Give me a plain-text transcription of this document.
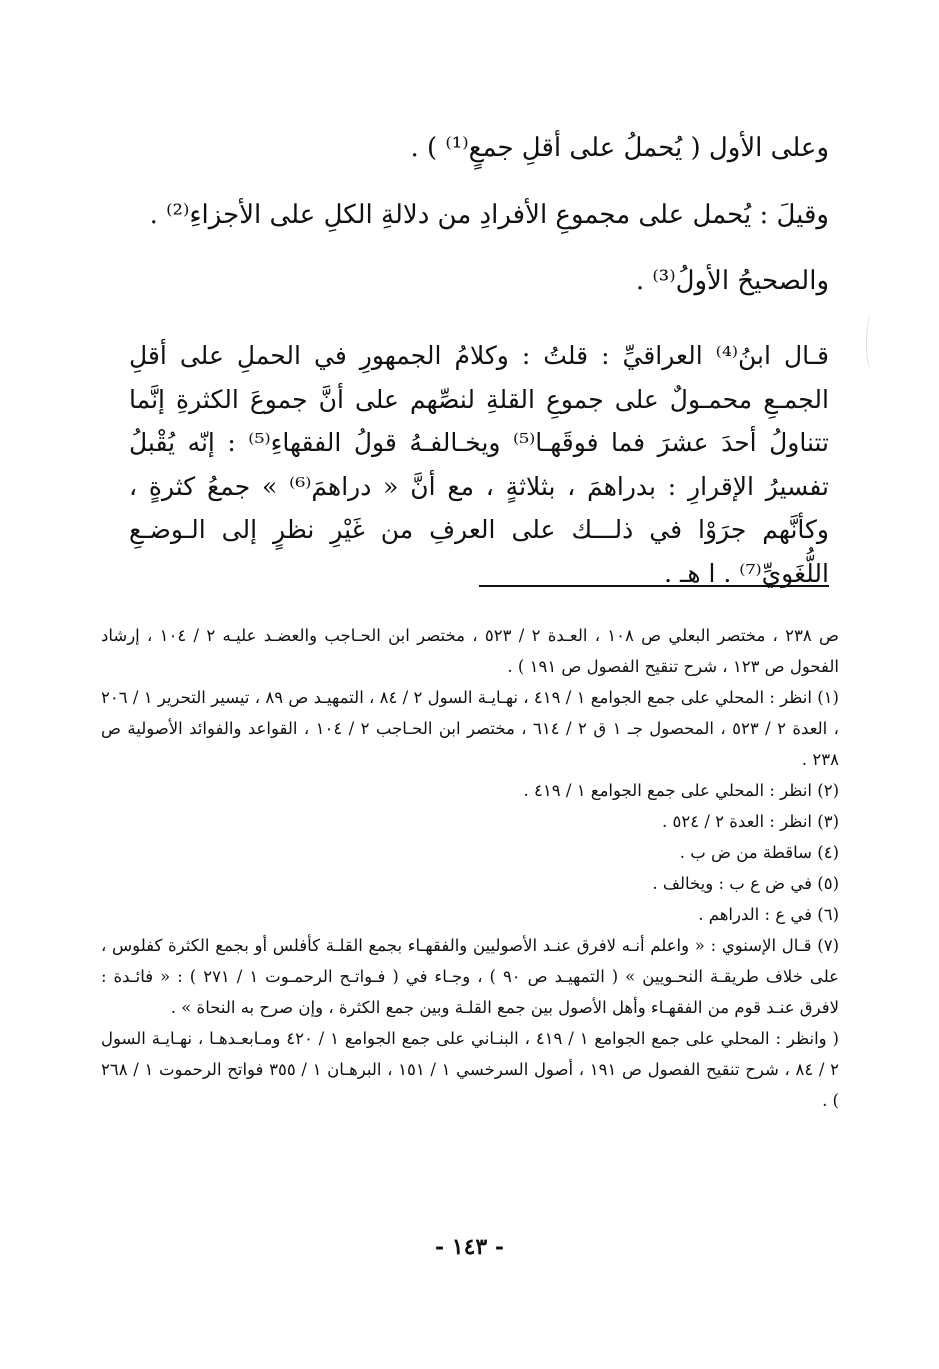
وعلى الأول ( يُحملُ على أقلِ جمعٍ⁽¹⁾ ) .
وقيلَ : يُحمل على مجموعِ الأفرادِ من دلالةِ الكلِ على الأجزاءِ⁽²⁾ .
والصحيحُ الأولُ⁽³⁾ .
قـال ابنُ⁽⁴⁾ العراقيِّ : قلتُ : وكلامُ الجمهورِ في الحملِ على أقلِ الجمـعِ محمـولٌ على جموعِ القلةِ لنصِّهم على أنَّ جموعَ الكثرةِ إنَّما تتناولُ أحدَ عشرَ فما فوقَهـا⁽⁵⁾ ويخـالفـهُ قولُ الفقهاءِ⁽⁵⁾ : إنّه يُقْبلُ تفسيرُ الإقرارِ : بدراهمَ ، بثلاثةٍ ، مع أنَّ « دراهمَ⁽⁶⁾ » جمعُ كثرةٍ ، وكأنَّهم جرَوْا في ذلـــك على العرفِ من غَيْرِ نظرٍ إلى الـوضـعِ اللُّغَويِّ⁽⁷⁾ . ا هـ .

ص ٢٣٨ ، مختصر البعلي ص ١٠٨ ، العـدة ٢ / ٥٢٣ ، مختصر ابن الحـاجب والعضـد عليـه ٢ / ١٠٤ ، إرشاد الفحول ص ١٢٣ ، شرح تنقيح الفصول ص ١٩١ ) .

(١) انظر : المحلي على جمع الجوامع ١ / ٤١٩ ، نهـايـة السول ٢ / ٨٤ ، التمهيـد ص ٨٩ ، تيسير التحرير ١ / ٢٠٦ ، العدة ٢ / ٥٢٣ ، المحصول جـ ١ ق ٢ / ٦١٤ ، مختصر ابن الحـاجب ٢ / ١٠٤ ، القواعد والفوائد الأصولية ص ٢٣٨ .

(٢) انظر : المحلي على جمع الجوامع ١ / ٤١٩ .

(٣) انظر : العدة ٢ / ٥٢٤ .

(٤) ساقطة من ض ب .

(٥) في ض ع ب : ويخالف .

(٦) في ع : الدراهم .

(٧) قـال الإسنوي : « واعلم أنـه لافرق عنـد الأصوليين والفقهـاء بجمع القلـة كأفلس أو بجمع الكثرة كفلوس ، على خلاف طريقـة النحـويين » ( التمهيـد ص ٩٠ ) ، وجـاء في ( فـواتـح الرحمـوت ١ / ٢٧١ ) : « فائـدة : لافرق عنـد قوم من الفقهـاء وأهل الأصول بين جمع القلـة وبين جمع الكثرة ، وإن صرح به النحاة » .

( وانظر : المحلي على جمع الجوامع ١ / ٤١٩ ، البنـاني على جمع الجوامع ١ / ٤٢٠ ومـابعـدهـا ، نهـايـة السول ٢ / ٨٤ ، شرح تنقيح الفصول ص ١٩١ ، أصول السرخسي ١ / ١٥١ ، البرهـان ١ / ٣٥٥ فواتح الرحموت ١ / ٢٦٨ ) .

- ١٤٣ -
